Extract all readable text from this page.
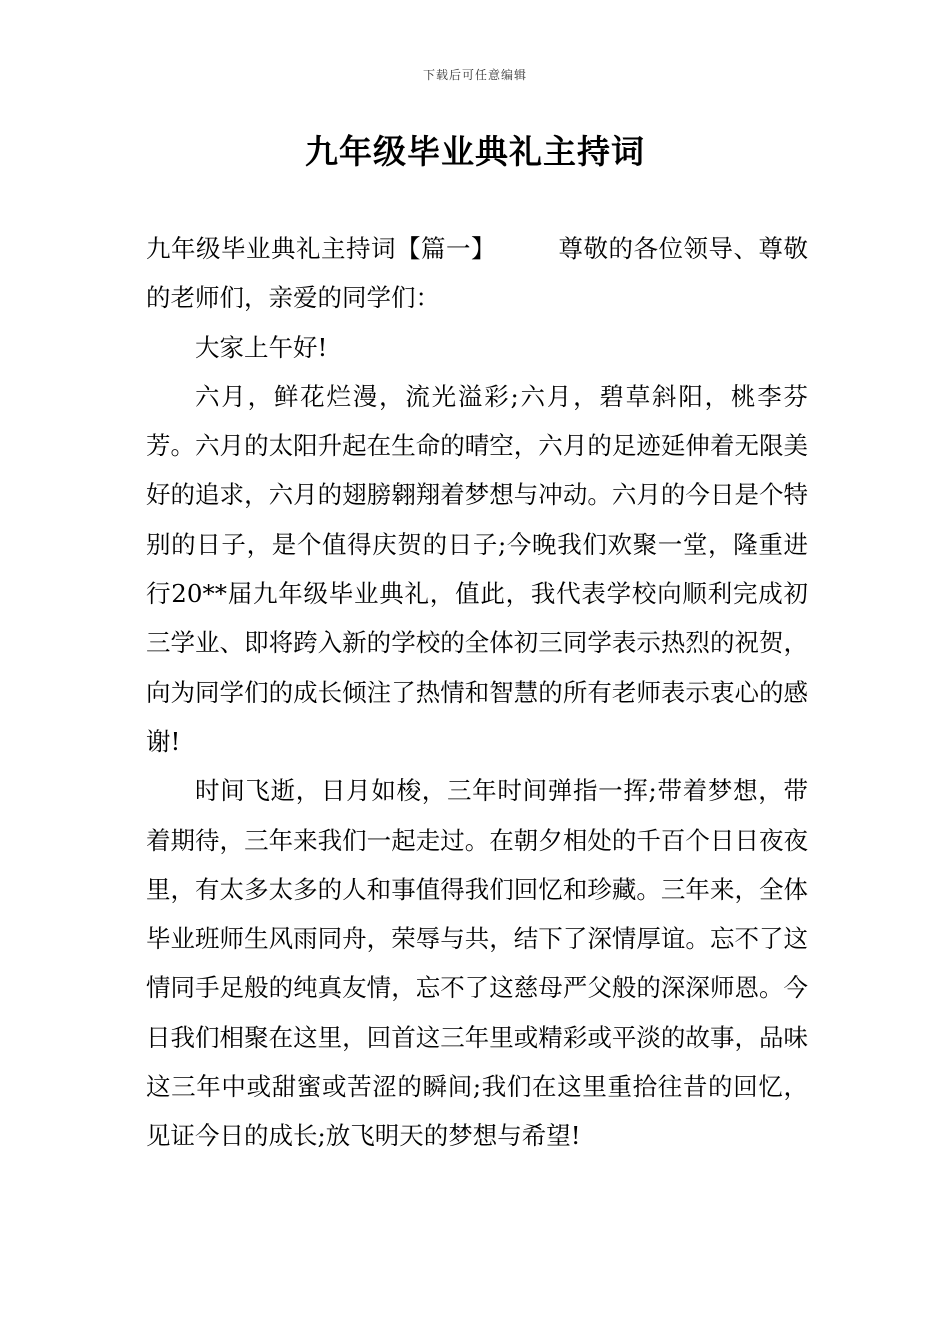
下载后可任意编辑
九年级毕业典礼主持词

九年级毕业典礼主持词【篇一】	尊敬的各位领导、尊敬的老师们，亲爱的同学们：

大家上午好!

六月，鲜花烂漫，流光溢彩;六月，碧草斜阳，桃李芬芳。六月的太阳升起在生命的晴空，六月的足迹延伸着无限美好的追求，六月的翅膀翱翔着梦想与冲动。六月的今日是个特别的日子，是个值得庆贺的日子;今晚我们欢聚一堂，隆重进行20**届九年级毕业典礼，值此，我代表学校向顺利完成初三学业、即将跨入新的学校的全体初三同学表示热烈的祝贺，向为同学们的成长倾注了热情和智慧的所有老师表示衷心的感谢!

时间飞逝，日月如梭，三年时间弹指一挥;带着梦想，带着期待，三年来我们一起走过。在朝夕相处的千百个日日夜夜里，有太多太多的人和事值得我们回忆和珍藏。三年来，全体毕业班师生风雨同舟，荣辱与共，结下了深情厚谊。忘不了这情同手足般的纯真友情，忘不了这慈母严父般的深深师恩。今日我们相聚在这里，回首这三年里或精彩或平淡的故事，品味这三年中或甜蜜或苦涩的瞬间;我们在这里重拾往昔的回忆，见证今日的成长;放飞明天的梦想与希望!
